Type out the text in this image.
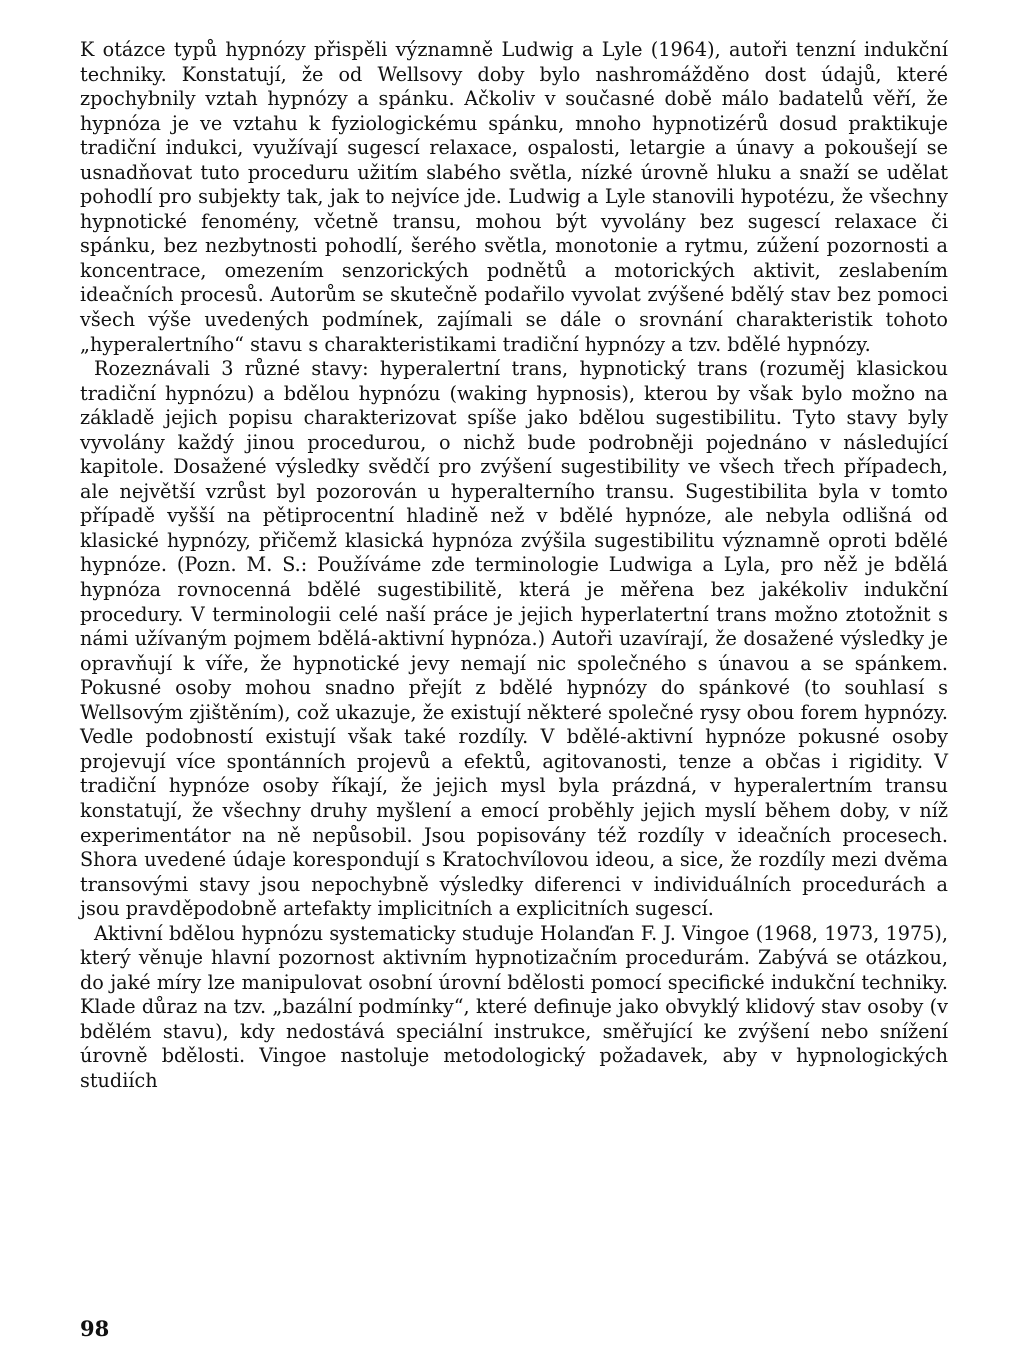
K otázce typů hypnózy přispěli významně Ludwig a Lyle (1964), autoři tenzní indukční techniky. Konstatují, že od Wellsovy doby bylo nashromážděno dost údajů, které zpochybnily vztah hypnózy a spánku. Ačkoliv v současné době málo badatelů věří, že hypnóza je ve vztahu k fyziologickému spánku, mnoho hypnotizérů dosud praktikuje tradiční indukci, využívají sugescí relaxace, ospalosti, letargie a únavy a pokoušejí se usnadňovat tuto proceduru užitím slabého světla, nízké úrovně hluku a snaží se udělat pohodlí pro subjekty tak, jak to nejvíce jde. Ludwig a Lyle stanovili hypotézu, že všechny hypnotické fenomény, včetně transu, mohou být vyvolány bez sugescí relaxace či spánku, bez nezbytnosti pohodlí, šerého světla, monotonie a rytmu, zúžení pozornosti a koncentrace, omezením senzorických podnětů a motorických aktivit, zeslabením ideačních procesů. Autorům se skutečně podařilo vyvolat zvýšené bdělý stav bez pomoci všech výše uvedených podmínek, zajímali se dále o srovnání charakteristik tohoto „hyperalertního“ stavu s charakteristikami tradiční hypnózy a tzv. bdělé hypnózy.

Rozeznávali 3 různé stavy: hyperalertní trans, hypnotický trans (rozuměj klasickou tradiční hypnózu) a bdělou hypnózu (waking hypnosis), kterou by však bylo možno na základě jejich popisu charakterizovat spíše jako bdělou sugestibilitu. Tyto stavy byly vyvolány každý jinou procedurou, o nichž bude podrobněji pojednáno v následující kapitole. Dosažené výsledky svědčí pro zvýšení sugestibility ve všech třech případech, ale největší vzrůst byl pozorován u hyperalterního transu. Sugestibilita byla v tomto případě vyšší na pětiprocentní hladině než v bdělé hypnóze, ale nebyla odlišná od klasické hypnózy, přičemž klasická hypnóza zvýšila sugestibilitu významně oproti bdělé hypnóze. (Pozn. M. S.: Používáme zde terminologie Ludwiga a Lyla, pro něž je bdělá hypnóza rovnocenná bdělé sugestibilitě, která je měřena bez jakékoliv indukční procedury. V terminologii celé naší práce je jejich hyperlatertní trans možno ztotožnit s námi užívaným pojmem bdělá-aktivní hypnóza.) Autoři uzavírají, že dosažené výsledky je opravňují k víře, že hypnotické jevy nemají nic společného s únavou a se spánkem. Pokusné osoby mohou snadno přejít z bdělé hypnózy do spánkové (to souhlasí s Wellsovým zjištěním), což ukazuje, že existují některé společné rysy obou forem hypnózy. Vedle podobností existují však také rozdíly. V bdělé-aktivní hypnóze pokusné osoby projevují více spontánních projevů a efektů, agitovanosti, tenze a občas i rigidity. V tradiční hypnóze osoby říkají, že jejich mysl byla prázdná, v hyperalertním transu konstatují, že všechny druhy myšlení a emocí proběhly jejich myslí během doby, v níž experimentátor na ně nepůsobil. Jsou popisovány též rozdíly v ideačních procesech. Shora uvedené údaje korespondují s Kratochvílovou ideou, a sice, že rozdíly mezi dvěma transovými stavy jsou nepochybně výsledky diferenci v individuálních procedurách a jsou pravděpodobně artefakty implicitních a explicitních sugescí.

Aktivní bdělou hypnózu systematicky studuje Holanďan F. J. Vingoe (1968, 1973, 1975), který věnuje hlavní pozornost aktivním hypnotizačním procedurám. Zabývá se otázkou, do jaké míry lze manipulovat osobní úrovní bdělosti pomocí specifické indukční techniky. Klade důraz na tzv. „bazální podmínky“, které definuje jako obvyklý klidový stav osoby (v bdělém stavu), kdy nedostává speciální instrukce, směřující ke zvýšení nebo snížení úrovně bdělosti. Vingoe nastoluje metodologický požadavek, aby v hypnologických studiích

98
